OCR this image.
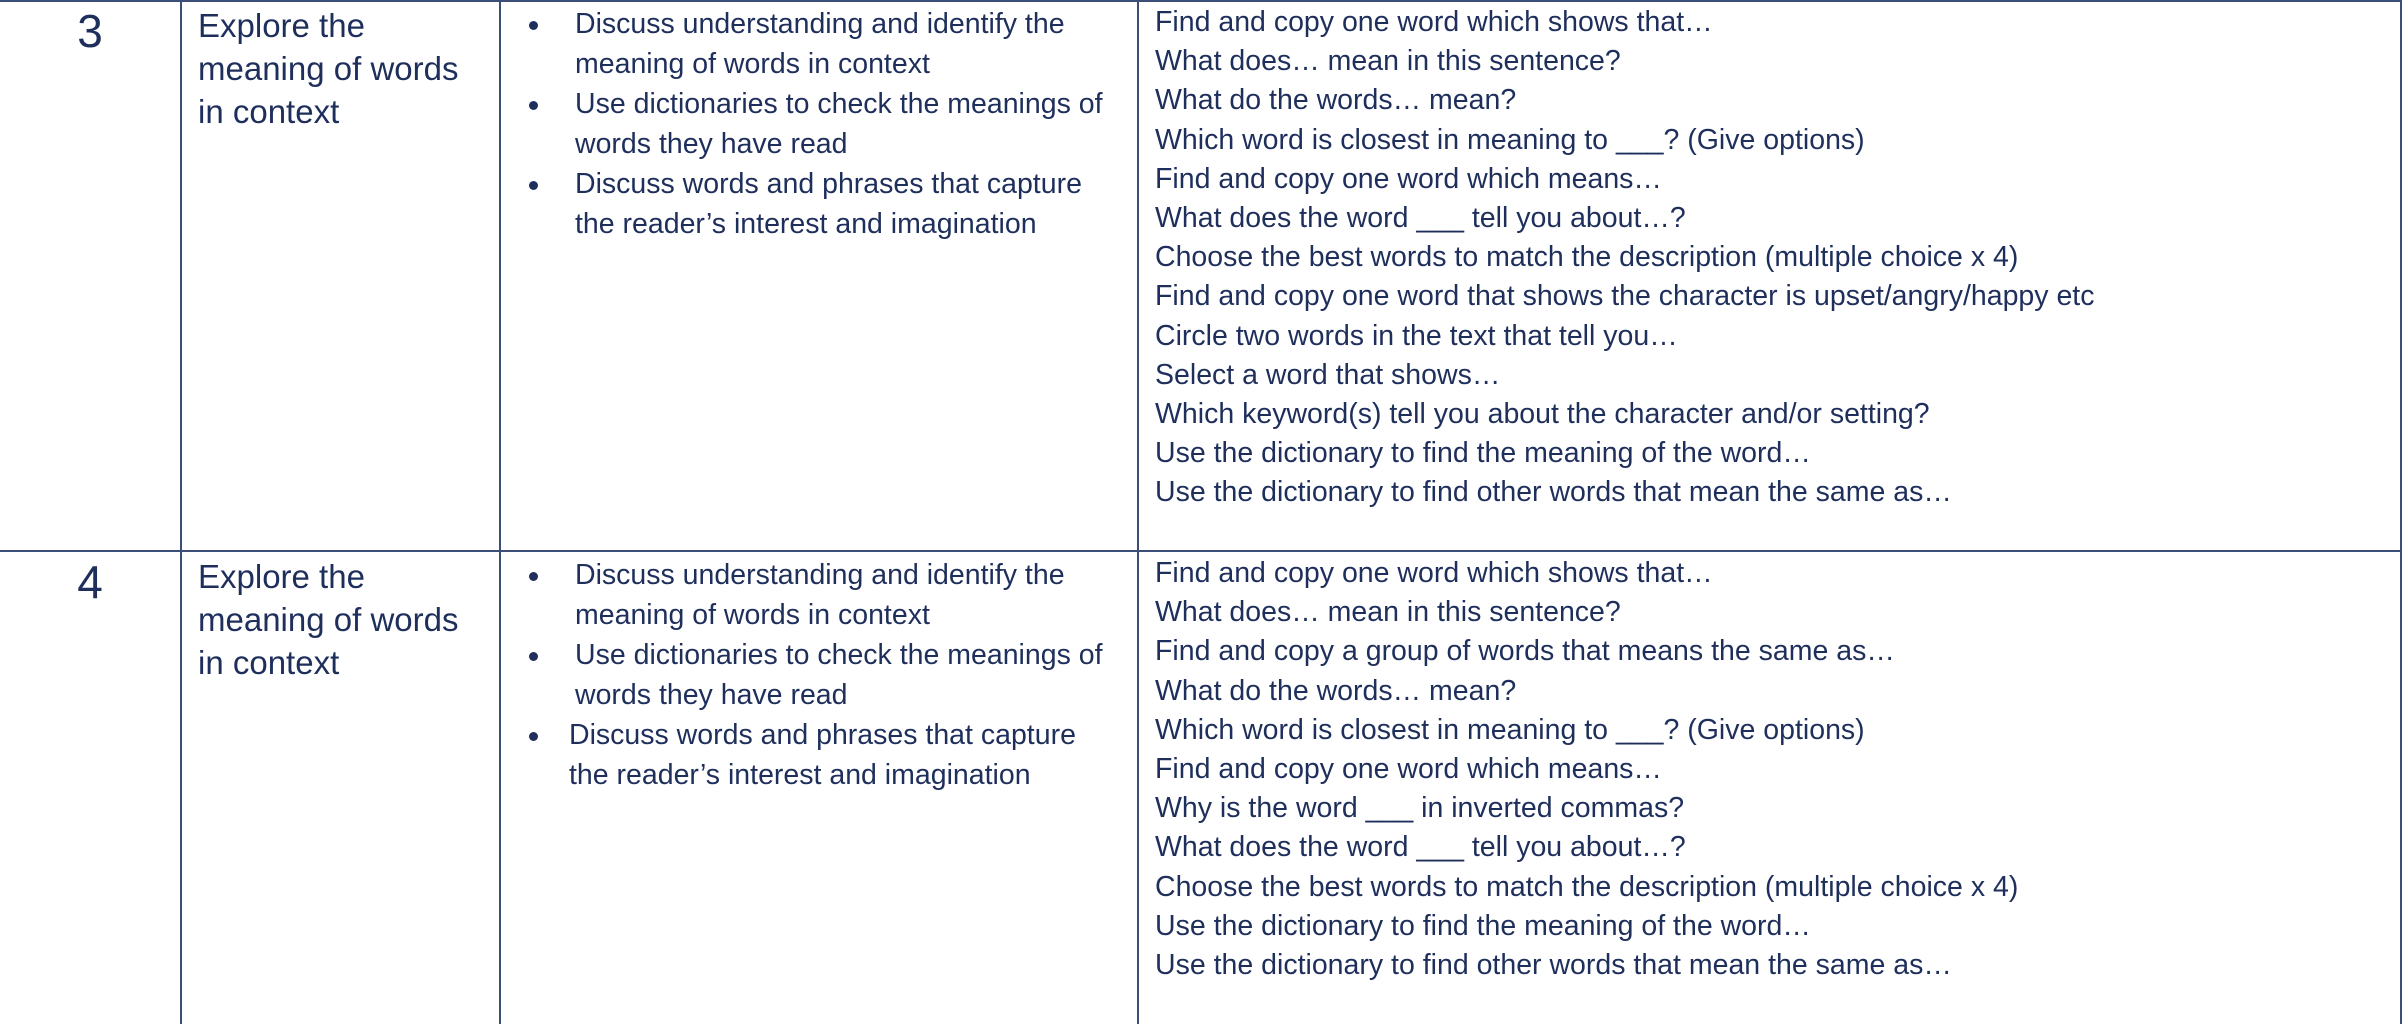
3	Explore the
meaning of words
in context
Discuss understanding and identify the
meaning of words in context
Use dictionaries to check the meanings of
words they have read
Discuss words and phrases that capture
the reader’s interest and imagination
Find and copy one word which shows that…
What does… mean in this sentence?
What do the words… mean?
Which word is closest in meaning to ___? (Give options)
Find and copy one word which means…
What does the word ___ tell you about…?
Choose the best words to match the description (multiple choice x 4)
Find and copy one word that shows the character is upset/angry/happy etc
Circle two words in the text that tell you…
Select a word that shows…
Which keyword(s) tell you about the character and/or setting?
Use the dictionary to find the meaning of the word…
Use the dictionary to find other words that mean the same as…
4	Explore the
meaning of words
in context
Discuss understanding and identify the
meaning of words in context
Use dictionaries to check the meanings of
words they have read
Discuss words and phrases that capture
the reader’s interest and imagination
Find and copy one word which shows that…
What does… mean in this sentence?
Find and copy a group of words that means the same as…
What do the words… mean?
Which word is closest in meaning to ___? (Give options)
Find and copy one word which means…
Why is the word ___ in inverted commas?
What does the word ___ tell you about…?
Choose the best words to match the description (multiple choice x 4)
Use the dictionary to find the meaning of the word…
Use the dictionary to find other words that mean the same as…
